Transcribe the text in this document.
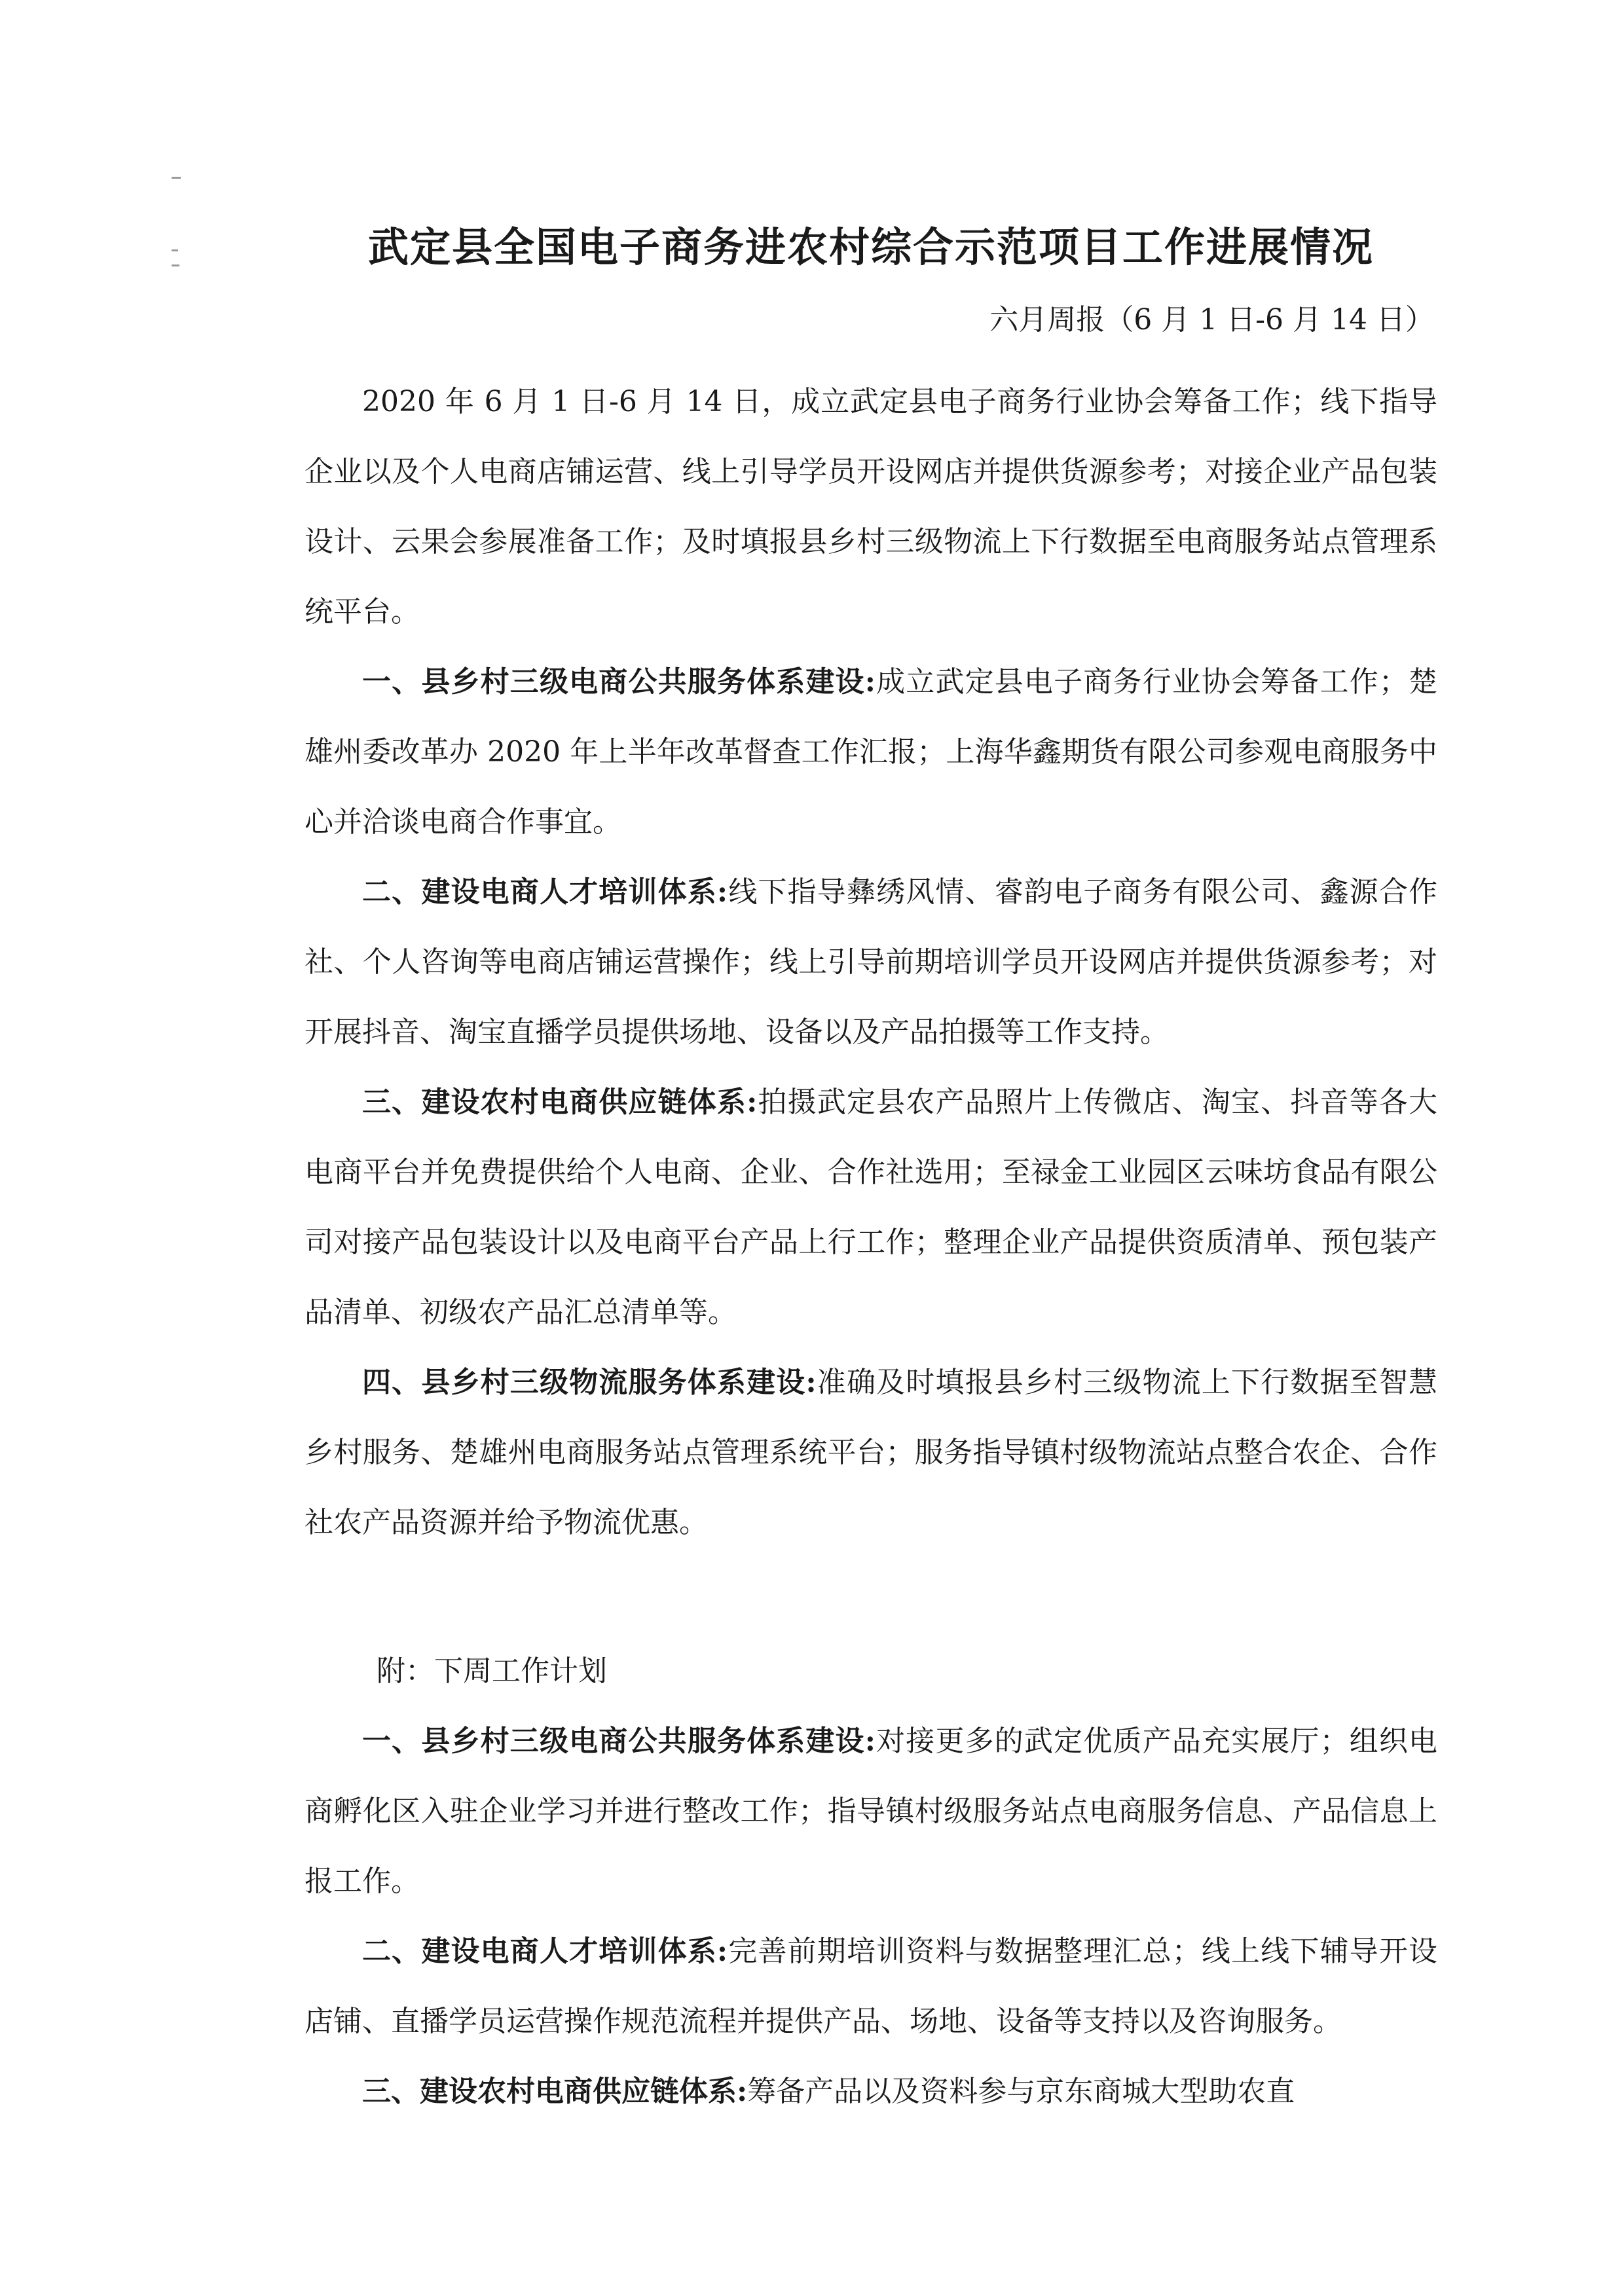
武定县全国电子商务进农村综合示范项目工作进展情况
六月周报（6 月 1 日-6 月 14 日）

2020 年 6 月 1 日-6 月 14 日，成立武定县电子商务行业协会筹备工作；线下指导企业以及个人电商店铺运营、线上引导学员开设网店并提供货源参考；对接企业产品包装设计、云果会参展准备工作；及时填报县乡村三级物流上下行数据至电商服务站点管理系统平台。

一、县乡村三级电商公共服务体系建设:成立武定县电子商务行业协会筹备工作；楚雄州委改革办 2020 年上半年改革督查工作汇报；上海华鑫期货有限公司参观电商服务中心并洽谈电商合作事宜。

二、建设电商人才培训体系:线下指导彝绣风情、睿韵电子商务有限公司、鑫源合作社、个人咨询等电商店铺运营操作；线上引导前期培训学员开设网店并提供货源参考；对开展抖音、淘宝直播学员提供场地、设备以及产品拍摄等工作支持。

三、建设农村电商供应链体系:拍摄武定县农产品照片上传微店、淘宝、抖音等各大电商平台并免费提供给个人电商、企业、合作社选用；至禄金工业园区云味坊食品有限公司对接产品包装设计以及电商平台产品上行工作；整理企业产品提供资质清单、预包装产品清单、初级农产品汇总清单等。

四、县乡村三级物流服务体系建设:准确及时填报县乡村三级物流上下行数据至智慧乡村服务、楚雄州电商服务站点管理系统平台；服务指导镇村级物流站点整合农企、合作社农产品资源并给予物流优惠。

附：下周工作计划

一、县乡村三级电商公共服务体系建设:对接更多的武定优质产品充实展厅；组织电商孵化区入驻企业学习并进行整改工作；指导镇村级服务站点电商服务信息、产品信息上报工作。

二、建设电商人才培训体系:完善前期培训资料与数据整理汇总；线上线下辅导开设店铺、直播学员运营操作规范流程并提供产品、场地、设备等支持以及咨询服务。

三、建设农村电商供应链体系:筹备产品以及资料参与京东商城大型助农直
